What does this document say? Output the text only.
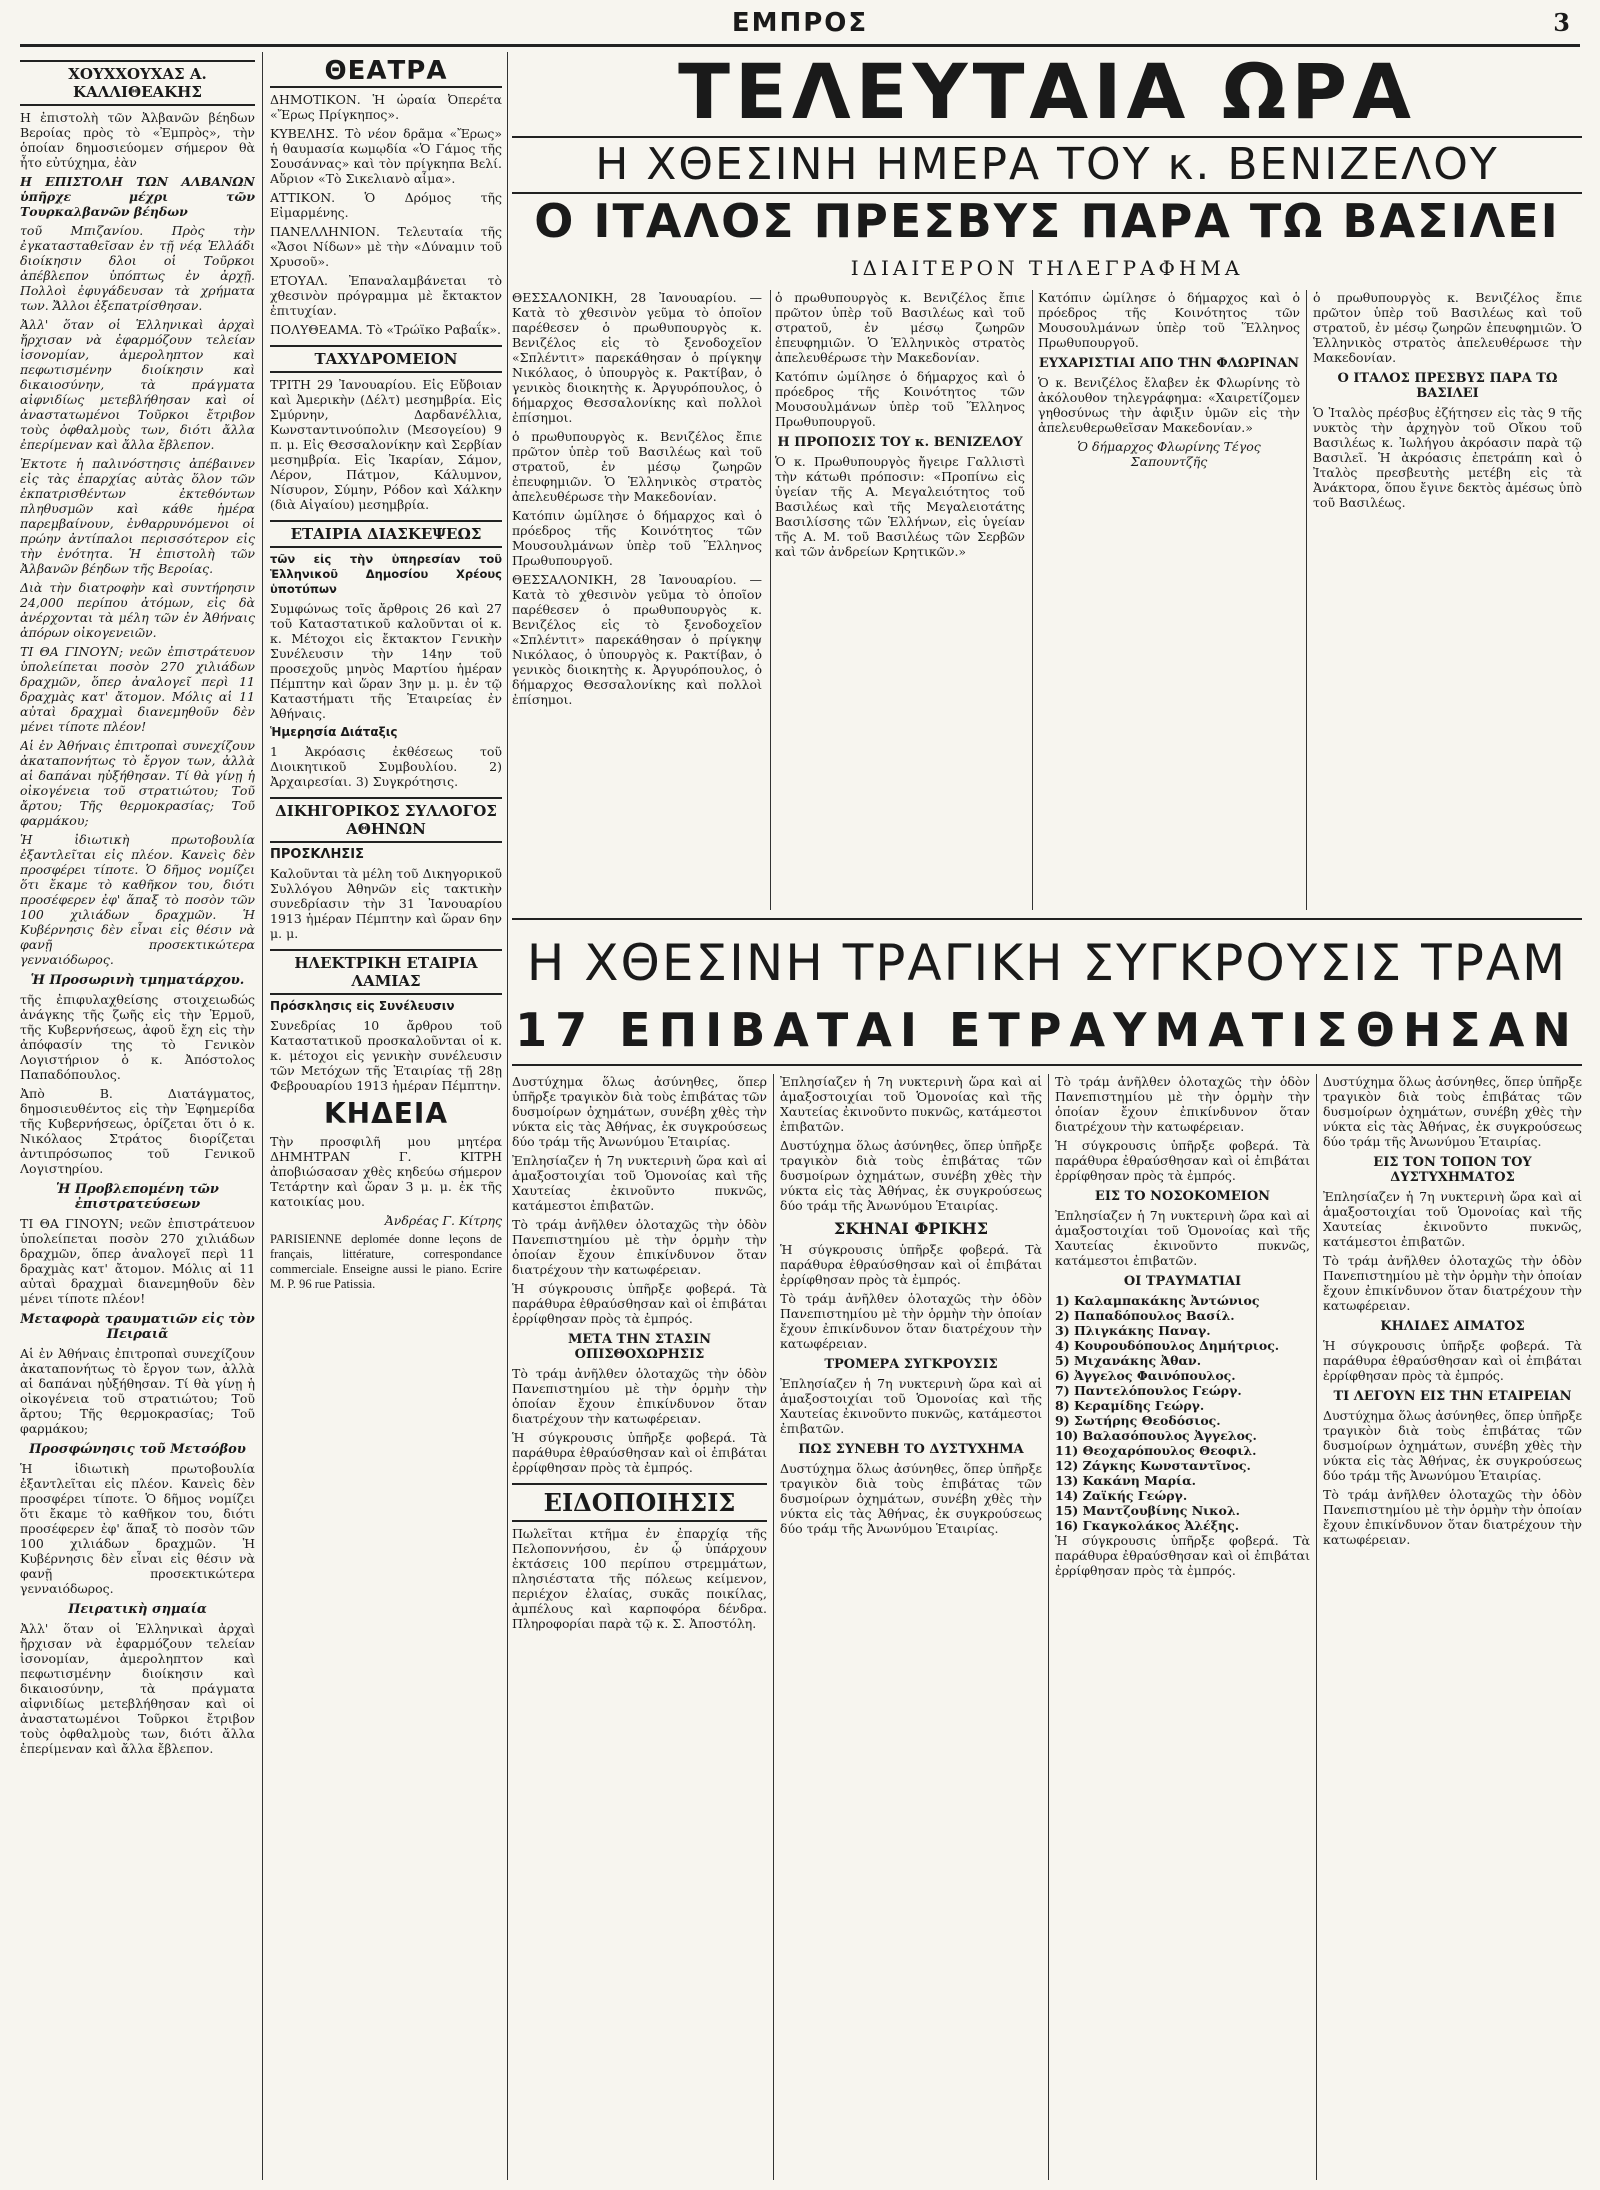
ΕΜΠΡΟΣ	3
ΧΟΥΧΧΟΥΧΑΣ Α. ΚΑΛΛΙΘΕΑΚΗΣ

Η ἐπιστολὴ τῶν Ἀλβανῶν βέηδων Βεροίας πρὸς τὸ «Ἐμπρὸς», τὴν ὁποίαν δημοσιεύομεν σήμερον θὰ ἦτο εὐτύχημα, ἐὰν

Η ΕΠΙΣΤΟΛΗ ΤΩΝ ΑΛΒΑΝΩΝ ὑπῆρχε μέχρι τῶν Τουρκαλβανῶν βέηδων

τοῦ Μπιζανίου. Πρὸς τὴν ἐγκατασταθεῖσαν ἐν τῇ νέᾳ Ἑλλάδι διοίκησιν δλοι οἱ Τοῦρκοι ἀπέβλεπον ὑπόπτως ἐν ἀρχῇ. Πολλοὶ ἐφυγάδευσαν τὰ χρήματα των. Ἄλλοι ἐξεπατρίσθησαν.

Ἀλλ' ὅταν οἱ Ἑλληνικαὶ ἀρχαὶ ἤρχισαν νὰ ἐφαρμόζουν τελείαν ἰσονομίαν, ἀμεροληπτον καὶ πεφωτισμένην διοίκησιν καὶ δικαιοσύνην, τὰ πράγματα αἰφνιδίως μετεβλήθησαν καὶ οἱ ἀναστατωμένοι Τοῦρκοι ἔτριβον τοὺς ὀφθαλμοὺς των, διότι ἄλλα ἐπερίμεναν καὶ ἄλλα ἔβλεπον.

Ἐκτοτε ἡ παλινόστησις ἀπέβαινεν εἰς τὰς ἐπαρχίας αὐτὰς ὅλον τῶν ἐκπατρισθέντων ἐκτεθόντων πληθυσμῶν καὶ κάθε ἡμέρα παρεμβαίνουν, ἐνθαρρυνόμενοι οἱ πρώην ἀντίπαλοι περισσότερον εἰς τὴν ἐνότητα. Ἡ ἐπιστολὴ τῶν Ἀλβανῶν βέηδων τῆς Βεροίας.

Διὰ τὴν διατροφὴν καὶ συντήρησιν 24,000 περίπου ἀτόμων, εἰς δὰ ἀνέρχονται τὰ μέλη τῶν ἐν Ἀθήναις ἀπόρων οἰκογενειῶν.

ΤΙ ΘΑ ΓΙΝΟΥΝ; νεῶν ἐπιστράτευον ὑπολείπεται ποσὸν 270 χιλιάδων δραχμῶν, ὅπερ ἀναλογεῖ περὶ 11 δραχμὰς κατ' ἄτομον. Μόλις αἱ 11 αὐταὶ δραχμαὶ διανεμηθοῦν δὲν μένει τίποτε πλέον!

Αἱ ἐν Ἀθήναις ἐπιτροπαὶ συνεχίζουν ἀκαταπονήτως τὸ ἔργον των, ἀλλὰ αἱ δαπάναι ηὐξήθησαν. Τί θὰ γίνῃ ἡ οἰκογένεια τοῦ στρατιώτου; Τοῦ ἄρτου; Τῆς θερμοκρασίας; Τοῦ φαρμάκου;

Ἡ ἰδιωτικὴ πρωτοβουλία ἐξαντλεῖται εἰς πλέον. Κανεὶς δὲν προσφέρει τίποτε. Ὁ δῆμος νομίζει ὅτι ἔκαμε τὸ καθῆκον του, διότι προσέφερεν ἐφ' ἅπαξ τὸ ποσὸν τῶν 100 χιλιάδων δραχμῶν. Ἡ Κυβέρνησις δὲν εἶναι εἰς θέσιν νὰ φανῇ προσεκτικώτερα γενναιόδωρος.

Ἡ Προσωρινὴ τμηματάρχου.

τῆς ἐπιφυλαχθείσης στοιχειωδώς ἀνάγκης τῆς ζωῆς εἰς τὴν Ἐρμοῦ, τῆς Κυβερνήσεως, ἀφοῦ ἔχη εἰς τὴν ἀπόφασίν της τὸ Γενικὸν Λογιστήριον ὁ κ. Ἀπόστολος Παπαδόπουλος.

Ἀπὸ Β. Διατάγματος, δημοσιευθέντος εἰς τὴν Ἐφημερίδα τῆς Κυβερνήσεως, ὁρίζεται ὅτι ὁ κ. Νικόλαος Στράτος διορίζεται ἀντιπρόσωπος τοῦ Γενικοῦ Λογιστηρίου.

Ἡ Προβλεπομένη τῶν ἐπιστρατεύσεων

ΤΙ ΘΑ ΓΙΝΟΥΝ; νεῶν ἐπιστράτευον ὑπολείπεται ποσὸν 270 χιλιάδων δραχμῶν, ὅπερ ἀναλογεῖ περὶ 11 δραχμὰς κατ' ἄτομον. Μόλις αἱ 11 αὐταὶ δραχμαὶ διανεμηθοῦν δὲν μένει τίποτε πλέον!

Μεταφορὰ τραυματιῶν εἰς τὸν Πειραιᾶ

Αἱ ἐν Ἀθήναις ἐπιτροπαὶ συνεχίζουν ἀκαταπονήτως τὸ ἔργον των, ἀλλὰ αἱ δαπάναι ηὐξήθησαν. Τί θὰ γίνῃ ἡ οἰκογένεια τοῦ στρατιώτου; Τοῦ ἄρτου; Τῆς θερμοκρασίας; Τοῦ φαρμάκου;

Προσφώνησις τοῦ Μετσόβου

Ἡ ἰδιωτικὴ πρωτοβουλία ἐξαντλεῖται εἰς πλέον. Κανεὶς δὲν προσφέρει τίποτε. Ὁ δῆμος νομίζει ὅτι ἔκαμε τὸ καθῆκον του, διότι προσέφερεν ἐφ' ἅπαξ τὸ ποσὸν τῶν 100 χιλιάδων δραχμῶν. Ἡ Κυβέρνησις δὲν εἶναι εἰς θέσιν νὰ φανῇ προσεκτικώτερα γενναιόδωρος.

Πειρατικὴ σημαία

Ἀλλ' ὅταν οἱ Ἑλληνικαὶ ἀρχαὶ ἤρχισαν νὰ ἐφαρμόζουν τελείαν ἰσονομίαν, ἀμεροληπτον καὶ πεφωτισμένην διοίκησιν καὶ δικαιοσύνην, τὰ πράγματα αἰφνιδίως μετεβλήθησαν καὶ οἱ ἀναστατωμένοι Τοῦρκοι ἔτριβον τοὺς ὀφθαλμοὺς των, διότι ἄλλα ἐπερίμεναν καὶ ἄλλα ἔβλεπον.

ΘΕΑΤΡΑ

ΔΗΜΟΤΙΚΟΝ. Ἡ ὡραία Ὀπερέτα «Ἔρως Πρίγκηπος».

ΚΥΒΕΛΗΣ. Τὸ νέον δρᾶμα «Ἔρως» ἡ θαυμασία κωμῳδία «Ὁ Γάμος τῆς Σουσάννας» καὶ τὸν πρίγκηπα Βελί. Αὔριον «Τὸ Σικελιανὸ αἷμα».

ΑΤΤΙΚΟΝ. Ὁ Δρόμος τῆς Εἰμαρμένης.

ΠΑΝΕΛΛΗΝΙΟΝ. Τελευταία τῆς «Ἄσοι Νίδων» μὲ τὴν «Δύναμιν τοῦ Χρυσοῦ».

ΕΤΟΥΑΛ. Ἐπαναλαμβάνεται τὸ χθεσινὸν πρόγραμμα μὲ ἔκτακτον ἐπιτυχίαν.

ΠΟΛΥΘΕΑΜΑ. Τὸ «Τρώϊκο Ραβαΐκ».

ΤΑΧΥΔΡΟΜΕΙΟΝ

ΤΡΙΤΗ 29 Ἰανουαρίου. Εἰς Εὔβοιαν καὶ Ἀμερικὴν (Δέλτ) μεσημβρία. Εἰς Σμύρνην, Δαρδανέλλια, Κωνσταντινούπολιν (Μεσογείου) 9 π. μ. Εἰς Θεσσαλονίκην καὶ Σερβίαν μεσημβρία. Εἰς Ἰκαρίαν, Σάμον, Λέρον, Πάτμον, Κάλυμνον, Νίσυρον, Σύμην, Ρόδον καὶ Χάλκην (διὰ Αἰγαίου) μεσημβρία.

ΕΤΑΙΡΙΑ ΔΙΑΣΚΕΨΕΩΣ

τῶν εἰς τὴν ὑπηρεσίαν τοῦ Ἑλληνικοῦ Δημοσίου Χρέους ὑποτύπων

Συμφώνως τοῖς ἄρθροις 26 καὶ 27 τοῦ Καταστατικοῦ καλοῦνται οἱ κ. κ. Μέτοχοι εἰς ἔκτακτον Γενικὴν Συνέλευσιν τὴν 14ην τοῦ προσεχοῦς μηνὸς Μαρτίου ἡμέραν Πέμπτην καὶ ὥραν 3ην μ. μ. ἐν τῷ Καταστήματι τῆς Ἑταιρείας ἐν Ἀθήναις.

Ἡμερησία Διάταξις

1 Ἀκρόασις ἐκθέσεως τοῦ Διοικητικοῦ Συμβουλίου. 2) Ἀρχαιρεσίαι. 3) Συγκρότησις.

ΔΙΚΗΓΟΡΙΚΟΣ ΣΥΛΛΟΓΟΣ ΑΘΗΝΩΝ

ΠΡΟΣΚΛΗΣΙΣ

Καλοῦνται τὰ μέλη τοῦ Δικηγορικοῦ Συλλόγου Ἀθηνῶν εἰς τακτικὴν συνεδρίασιν τὴν 31 Ἰανουαρίου 1913 ἡμέραν Πέμπτην καὶ ὥραν 6ην μ. μ.

ΗΛΕΚΤΡΙΚΗ ΕΤΑΙΡΙΑ ΛΑΜΙΑΣ

Πρόσκλησις εἰς Συνέλευσιν

Συνεδρίας 10 ἄρθρου τοῦ Καταστατικοῦ προσκαλοῦνται οἱ κ. κ. μέτοχοι εἰς γενικὴν συνέλευσιν τῶν Μετόχων τῆς Ἑταιρίας τῇ 28ῃ Φεβρουαρίου 1913 ἡμέραν Πέμπτην.

ΚΗΔΕΙΑ

Τὴν προσφιλῆ μου μητέρα ΔΗΜΗΤΡΑΝ Γ. ΚΙΤΡΗ ἀποβιώσασαν χθὲς κηδεύω σήμερον Τετάρτην καὶ ὥραν 3 μ. μ. ἐκ τῆς κατοικίας μου.

Ἀνδρέας Γ. Κίτρης

PARISIENNE deplomée donne leçons de français, littérature, correspondance commerciale. Enseigne aussi le piano. Ecrire M. P. 96 rue Patissia.

ΤΕΛΕΥΤΑΙΑ ΩΡΑ
Η ΧΘΕΣΙΝΗ ΗΜΕΡΑ ΤΟΥ κ. ΒΕΝΙΖΕΛΟΥ
Ο ΙΤΑΛΟΣ ΠΡΕΣΒΥΣ ΠΑΡΑ ΤΩ ΒΑΣΙΛΕΙ
ΙΔΙΑΙΤΕΡΟΝ ΤΗΛΕΓΡΑΦΗΜΑ

ΘΕΣΣΑΛΟΝΙΚΗ, 28 Ἰανουαρίου. — Κατὰ τὸ χθεσινὸν γεῦμα τὸ ὁποῖον παρέθεσεν ὁ πρωθυπουργὸς κ. Βενιζέλος εἰς τὸ ξενοδοχεῖον «Σπλέντιτ» παρεκάθησαν ὁ πρίγκηψ Νικόλαος, ὁ ὑπουργὸς κ. Ρακτίβαν, ὁ γενικὸς διοικητὴς κ. Ἀργυρόπουλος, ὁ δήμαρχος Θεσσαλονίκης καὶ πολλοὶ ἐπίσημοι.

ὁ πρωθυπουργὸς κ. Βενιζέλος ἔπιε πρῶτον ὑπὲρ τοῦ Βασιλέως καὶ τοῦ στρατοῦ, ἐν μέσῳ ζωηρῶν ἐπευφημιῶν. Ὁ Ἑλληνικὸς στρατὸς ἀπελευθέρωσε τὴν Μακεδονίαν.

Κατόπιν ὡμίλησε ὁ δήμαρχος καὶ ὁ πρόεδρος τῆς Κοινότητος τῶν Μουσουλμάνων ὑπὲρ τοῦ Ἕλληνος Πρωθυπουργοῦ.

ΘΕΣΣΑΛΟΝΙΚΗ, 28 Ἰανουαρίου. — Κατὰ τὸ χθεσινὸν γεῦμα τὸ ὁποῖον παρέθεσεν ὁ πρωθυπουργὸς κ. Βενιζέλος εἰς τὸ ξενοδοχεῖον «Σπλέντιτ» παρεκάθησαν ὁ πρίγκηψ Νικόλαος, ὁ ὑπουργὸς κ. Ρακτίβαν, ὁ γενικὸς διοικητὴς κ. Ἀργυρόπουλος, ὁ δήμαρχος Θεσσαλονίκης καὶ πολλοὶ ἐπίσημοι.

ὁ πρωθυπουργὸς κ. Βενιζέλος ἔπιε πρῶτον ὑπὲρ τοῦ Βασιλέως καὶ τοῦ στρατοῦ, ἐν μέσῳ ζωηρῶν ἐπευφημιῶν. Ὁ Ἑλληνικὸς στρατὸς ἀπελευθέρωσε τὴν Μακεδονίαν.

Κατόπιν ὡμίλησε ὁ δήμαρχος καὶ ὁ πρόεδρος τῆς Κοινότητος τῶν Μουσουλμάνων ὑπὲρ τοῦ Ἕλληνος Πρωθυπουργοῦ.

Η ΠΡΟΠΟΣΙΣ ΤΟΥ κ. ΒΕΝΙΖΕΛΟΥ

Ὁ κ. Πρωθυπουργὸς ἤγειρε Γαλλιστὶ τὴν κάτωθι πρόποσιν: «Προπίνω εἰς ὑγείαν τῆς Α. Μεγαλειότητος τοῦ Βασιλέως καὶ τῆς Μεγαλειοτάτης Βασιλίσσης τῶν Ἑλλήνων, εἰς ὑγείαν τῆς Α. Μ. τοῦ Βασιλέως τῶν Σερβῶν καὶ τῶν ἀνδρείων Κρητικῶν.»

Κατόπιν ὡμίλησε ὁ δήμαρχος καὶ ὁ πρόεδρος τῆς Κοινότητος τῶν Μουσουλμάνων ὑπὲρ τοῦ Ἕλληνος Πρωθυπουργοῦ.

ΕΥΧΑΡΙΣΤΙΑΙ ΑΠΟ ΤΗΝ ΦΛΩΡΙΝΑΝ

Ὁ κ. Βενιζέλος ἔλαβεν ἐκ Φλωρίνης τὸ ἀκόλουθον τηλεγράφημα: «Χαιρετίζομεν γηθοσύνως τὴν ἀφιξιν ὑμῶν εἰς τὴν ἀπελευθερωθεῖσαν Μακεδονίαν.»

Ὁ δήμαρχος Φλωρίνης Τέγος Σαπουντζῆς

ὁ πρωθυπουργὸς κ. Βενιζέλος ἔπιε πρῶτον ὑπὲρ τοῦ Βασιλέως καὶ τοῦ στρατοῦ, ἐν μέσῳ ζωηρῶν ἐπευφημιῶν. Ὁ Ἑλληνικὸς στρατὸς ἀπελευθέρωσε τὴν Μακεδονίαν.

Ο ΙΤΑΛΟΣ ΠΡΕΣΒΥΣ ΠΑΡΑ ΤΩ ΒΑΣΙΛΕΙ

Ὁ Ἰταλὸς πρέσβυς ἐζήτησεν εἰς τὰς 9 τῆς νυκτὸς τὴν ἀρχηγὸν τοῦ Οἴκου τοῦ Βασιλέως κ. Ἰωλήγου ἀκρόασιν παρὰ τῷ Βασιλεῖ. Ἡ ἀκρόασις ἐπετράπη καὶ ὁ Ἰταλὸς πρεσβευτὴς μετέβη εἰς τὰ Ἀνάκτορα, ὅπου ἔγινε δεκτὸς ἀμέσως ὑπὸ τοῦ Βασιλέως.

Η ΧΘΕΣΙΝΗ ΤΡΑΓΙΚΗ ΣΥΓΚΡΟΥΣΙΣ ΤΡΑΜ
17 ΕΠΙΒΑΤΑΙ ΕΤΡΑΥΜΑΤΙΣΘΗΣΑΝ

Δυστύχημα ὅλως ἀσύνηθες, ὅπερ ὑπῆρξε τραγικὸν διὰ τοὺς ἐπιβάτας τῶν δυσμοίρων ὀχημάτων, συνέβη χθὲς τὴν νύκτα εἰς τὰς Ἀθήνας, ἐκ συγκρούσεως δύο τράμ τῆς Ἀνωνύμου Ἑταιρίας.

Ἐπλησίαζεν ἡ 7η νυκτερινὴ ὥρα καὶ αἱ ἁμαξοστοιχίαι τοῦ Ὁμονοίας καὶ τῆς Χαυτείας ἐκινοῦντο πυκνῶς, κατάμεστοι ἐπιβατῶν.

Τὸ τράμ ἀνῆλθεν ὁλοταχῶς τὴν ὁδὸν Πανεπιστημίου μὲ τὴν ὁρμὴν τὴν ὁποίαν ἔχουν ἐπικίνδυνον ὅταν διατρέχουν τὴν κατωφέρειαν.

Ἡ σύγκρουσις ὑπῆρξε φοβερά. Τὰ παράθυρα ἐθραύσθησαν καὶ οἱ ἐπιβάται ἐρρίφθησαν πρὸς τὰ ἐμπρός.

ΜΕΤΑ ΤΗΝ ΣΤΑΣΙΝ ΟΠΙΣΘΟΧΩΡΗΣΙΣ

Τὸ τράμ ἀνῆλθεν ὁλοταχῶς τὴν ὁδὸν Πανεπιστημίου μὲ τὴν ὁρμὴν τὴν ὁποίαν ἔχουν ἐπικίνδυνον ὅταν διατρέχουν τὴν κατωφέρειαν.

Ἡ σύγκρουσις ὑπῆρξε φοβερά. Τὰ παράθυρα ἐθραύσθησαν καὶ οἱ ἐπιβάται ἐρρίφθησαν πρὸς τὰ ἐμπρός.

ΕΙΔΟΠΟΙΗΣΙΣ

Πωλεῖται κτῆμα ἐν ἐπαρχίᾳ τῆς Πελοποννήσου, ἐν ᾧ ὑπάρχουν ἐκτάσεις 100 περίπου στρεμμάτων, πλησιέστατα τῆς πόλεως κείμενον, περιέχον ἐλαίας, συκᾶς ποικίλας, ἀμπέλους καὶ καρποφόρα δένδρα. Πληροφορίαι παρὰ τῷ κ. Σ. Ἀποστόλη.

Ἐπλησίαζεν ἡ 7η νυκτερινὴ ὥρα καὶ αἱ ἁμαξοστοιχίαι τοῦ Ὁμονοίας καὶ τῆς Χαυτείας ἐκινοῦντο πυκνῶς, κατάμεστοι ἐπιβατῶν.

Δυστύχημα ὅλως ἀσύνηθες, ὅπερ ὑπῆρξε τραγικὸν διὰ τοὺς ἐπιβάτας τῶν δυσμοίρων ὀχημάτων, συνέβη χθὲς τὴν νύκτα εἰς τὰς Ἀθήνας, ἐκ συγκρούσεως δύο τράμ τῆς Ἀνωνύμου Ἑταιρίας.

ΣΚΗΝΑΙ ΦΡΙΚΗΣ

Ἡ σύγκρουσις ὑπῆρξε φοβερά. Τὰ παράθυρα ἐθραύσθησαν καὶ οἱ ἐπιβάται ἐρρίφθησαν πρὸς τὰ ἐμπρός.

Τὸ τράμ ἀνῆλθεν ὁλοταχῶς τὴν ὁδὸν Πανεπιστημίου μὲ τὴν ὁρμὴν τὴν ὁποίαν ἔχουν ἐπικίνδυνον ὅταν διατρέχουν τὴν κατωφέρειαν.

ΤΡΟΜΕΡΑ ΣΥΓΚΡΟΥΣΙΣ

Ἐπλησίαζεν ἡ 7η νυκτερινὴ ὥρα καὶ αἱ ἁμαξοστοιχίαι τοῦ Ὁμονοίας καὶ τῆς Χαυτείας ἐκινοῦντο πυκνῶς, κατάμεστοι ἐπιβατῶν.

ΠΩΣ ΣΥΝΕΒΗ ΤΟ ΔΥΣΤΥΧΗΜΑ

Δυστύχημα ὅλως ἀσύνηθες, ὅπερ ὑπῆρξε τραγικὸν διὰ τοὺς ἐπιβάτας τῶν δυσμοίρων ὀχημάτων, συνέβη χθὲς τὴν νύκτα εἰς τὰς Ἀθήνας, ἐκ συγκρούσεως δύο τράμ τῆς Ἀνωνύμου Ἑταιρίας.

Τὸ τράμ ἀνῆλθεν ὁλοταχῶς τὴν ὁδὸν Πανεπιστημίου μὲ τὴν ὁρμὴν τὴν ὁποίαν ἔχουν ἐπικίνδυνον ὅταν διατρέχουν τὴν κατωφέρειαν.

Ἡ σύγκρουσις ὑπῆρξε φοβερά. Τὰ παράθυρα ἐθραύσθησαν καὶ οἱ ἐπιβάται ἐρρίφθησαν πρὸς τὰ ἐμπρός.

ΕΙΣ ΤΟ ΝΟΣΟΚΟΜΕΙΟΝ

Ἐπλησίαζεν ἡ 7η νυκτερινὴ ὥρα καὶ αἱ ἁμαξοστοιχίαι τοῦ Ὁμονοίας καὶ τῆς Χαυτείας ἐκινοῦντο πυκνῶς, κατάμεστοι ἐπιβατῶν.

ΟΙ ΤΡΑΥΜΑΤΙΑΙ

1) Καλαμπακάκης Ἀντώνιος

2) Παπαδόπουλος Βασίλ.

3) Πλιγκάκης Παναγ.

4) Κουρουδόπουλος Δημήτριος.

5) Μιχανάκης Ἀθαν.

6) Ἀγγελος Φαινόπουλος.

7) Παντελόπουλος Γεώργ.

8) Κεραμίδης Γεώργ.

9) Σωτήρης Θεοδόσιος.

10) Βαλασόπουλος Ἀγγελος.

11) Θεοχαρόπουλος Θεοφιλ.

12) Ζάγκης Κωνσταντῖνος.

13) Κακάνη Μαρία.

14) Ζαϊκής Γεώργ.

15) Μαντζουβίνης Νικολ.

16) Γκαγκολάκος Ἀλέξης.

Ἡ σύγκρουσις ὑπῆρξε φοβερά. Τὰ παράθυρα ἐθραύσθησαν καὶ οἱ ἐπιβάται ἐρρίφθησαν πρὸς τὰ ἐμπρός.

Δυστύχημα ὅλως ἀσύνηθες, ὅπερ ὑπῆρξε τραγικὸν διὰ τοὺς ἐπιβάτας τῶν δυσμοίρων ὀχημάτων, συνέβη χθὲς τὴν νύκτα εἰς τὰς Ἀθήνας, ἐκ συγκρούσεως δύο τράμ τῆς Ἀνωνύμου Ἑταιρίας.

ΕΙΣ ΤΟΝ ΤΟΠΟΝ ΤΟΥ ΔΥΣΤΥΧΗΜΑΤΟΣ

Ἐπλησίαζεν ἡ 7η νυκτερινὴ ὥρα καὶ αἱ ἁμαξοστοιχίαι τοῦ Ὁμονοίας καὶ τῆς Χαυτείας ἐκινοῦντο πυκνῶς, κατάμεστοι ἐπιβατῶν.

Τὸ τράμ ἀνῆλθεν ὁλοταχῶς τὴν ὁδὸν Πανεπιστημίου μὲ τὴν ὁρμὴν τὴν ὁποίαν ἔχουν ἐπικίνδυνον ὅταν διατρέχουν τὴν κατωφέρειαν.

ΚΗΛΙΔΕΣ ΑΙΜΑΤΟΣ

Ἡ σύγκρουσις ὑπῆρξε φοβερά. Τὰ παράθυρα ἐθραύσθησαν καὶ οἱ ἐπιβάται ἐρρίφθησαν πρὸς τὰ ἐμπρός.

ΤΙ ΛΕΓΟΥΝ ΕΙΣ ΤΗΝ ΕΤΑΙΡΕΙΑΝ

Δυστύχημα ὅλως ἀσύνηθες, ὅπερ ὑπῆρξε τραγικὸν διὰ τοὺς ἐπιβάτας τῶν δυσμοίρων ὀχημάτων, συνέβη χθὲς τὴν νύκτα εἰς τὰς Ἀθήνας, ἐκ συγκρούσεως δύο τράμ τῆς Ἀνωνύμου Ἑταιρίας.

Τὸ τράμ ἀνῆλθεν ὁλοταχῶς τὴν ὁδὸν Πανεπιστημίου μὲ τὴν ὁρμὴν τὴν ὁποίαν ἔχουν ἐπικίνδυνον ὅταν διατρέχουν τὴν κατωφέρειαν.
